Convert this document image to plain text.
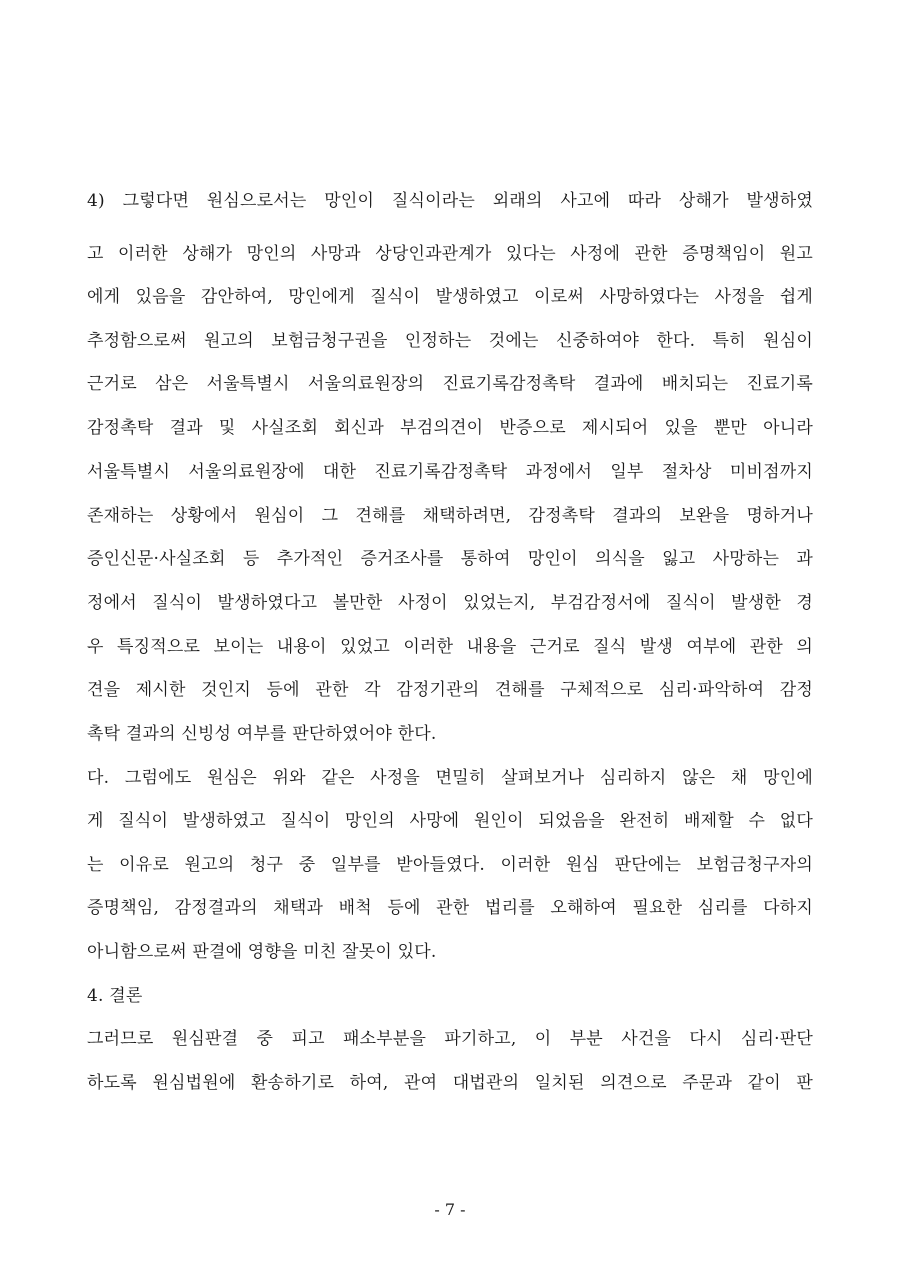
4) 그렇다면 원심으로서는 망인이 질식이라는 외래의 사고에 따라 상해가 발생하였
고 이러한 상해가 망인의 사망과 상당인과관계가 있다는 사정에 관한 증명책임이 원고
에게 있음을 감안하여, 망인에게 질식이 발생하였고 이로써 사망하였다는 사정을 쉽게
추정함으로써 원고의 보험금청구권을 인정하는 것에는 신중하여야 한다. 특히 원심이
근거로 삼은 서울특별시 서울의료원장의 진료기록감정촉탁 결과에 배치되는 진료기록
감정촉탁 결과 및 사실조회 회신과 부검의견이 반증으로 제시되어 있을 뿐만 아니라
서울특별시 서울의료원장에 대한 진료기록감정촉탁 과정에서 일부 절차상 미비점까지
존재하는 상황에서 원심이 그 견해를 채택하려면, 감정촉탁 결과의 보완을 명하거나
증인신문·사실조회 등 추가적인 증거조사를 통하여 망인이 의식을 잃고 사망하는 과
정에서 질식이 발생하였다고 볼만한 사정이 있었는지, 부검감정서에 질식이 발생한 경
우 특징적으로 보이는 내용이 있었고 이러한 내용을 근거로 질식 발생 여부에 관한 의
견을 제시한 것인지 등에 관한 각 감정기관의 견해를 구체적으로 심리·파악하여 감정
촉탁 결과의 신빙성 여부를 판단하였어야 한다.
다. 그럼에도 원심은 위와 같은 사정을 면밀히 살펴보거나 심리하지 않은 채 망인에
게 질식이 발생하였고 질식이 망인의 사망에 원인이 되었음을 완전히 배제할 수 없다
는 이유로 원고의 청구 중 일부를 받아들였다. 이러한 원심 판단에는 보험금청구자의
증명책임, 감정결과의 채택과 배척 등에 관한 법리를 오해하여 필요한 심리를 다하지
아니함으로써 판결에 영향을 미친 잘못이 있다.
4. 결론
그러므로 원심판결 중 피고 패소부분을 파기하고, 이 부분 사건을 다시 심리·판단
하도록 원심법원에 환송하기로 하여, 관여 대법관의 일치된 의견으로 주문과 같이 판
- 7 -
